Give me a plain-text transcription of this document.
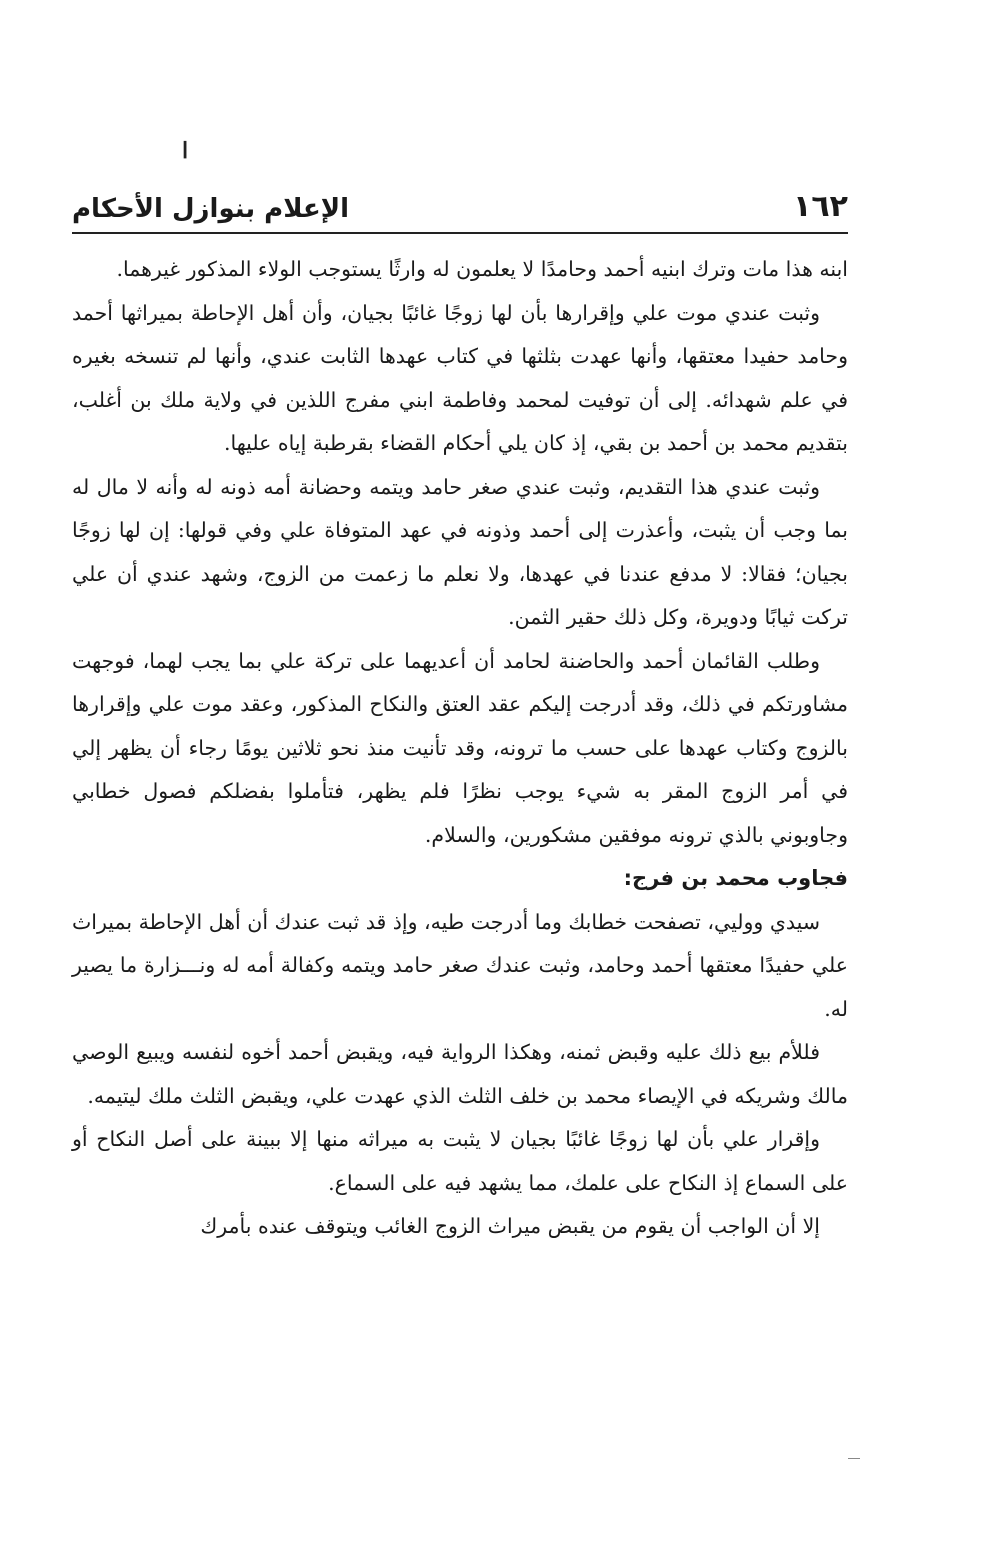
ا
١٦٢
الإعلام بنوازل الأحكام

ابنه هذا مات وترك ابنيه أحمد وحامدًا لا يعلمون له وارثًا يستوجب الولاء المذكور غيرهما.

وثبت عندي موت علي وإقرارها بأن لها زوجًا غائبًا بجيان، وأن أهل الإحاطة بميراثها أحمد وحامد حفيدا معتقها، وأنها عهدت بثلثها في كتاب عهدها الثابت عندي، وأنها لم تنسخه بغيره في علم شهدائه. إلى أن توفيت لمحمد وفاطمة ابني مفرج اللذين في ولاية ملك بن أغلب، بتقديم محمد بن أحمد بن بقي، إذ كان يلي أحكام القضاء بقرطبة إياه عليها.

وثبت عندي هذا التقديم، وثبت عندي صغر حامد ويتمه وحضانة أمه ذونه له وأنه لا مال له بما وجب أن يثبت، وأعذرت إلى أحمد وذونه في عهد المتوفاة علي وفي قولها: إن لها زوجًا بجيان؛ فقالا: لا مدفع عندنا في عهدها، ولا نعلم ما زعمت من الزوج، وشهد عندي أن علي تركت ثيابًا ودويرة، وكل ذلك حقير الثمن.

وطلب القائمان أحمد والحاضنة لحامد أن أعديهما على تركة علي بما يجب لهما، فوجهت مشاورتكم في ذلك، وقد أدرجت إليكم عقد العتق والنكاح المذكور، وعقد موت علي وإقرارها بالزوج وكتاب عهدها على حسب ما ترونه، وقد تأنيت منذ نحو ثلاثين يومًا رجاء أن يظهر إلي في أمر الزوج المقر به شيء يوجب نظرًا فلم يظهر، فتأملوا بفضلكم فصول خطابي وجاوبوني بالذي ترونه موفقين مشكورين، والسلام.

فجاوب محمد بن فرج:

سيدي ووليي، تصفحت خطابك وما أدرجت طيه، وإذ قد ثبت عندك أن أهل الإحاطة بميراث علي حفيدًا معتقها أحمد وحامد، وثبت عندك صغر حامد ويتمه وكفالة أمه له ونـــزارة ما يصير له.

فللأم بيع ذلك عليه وقبض ثمنه، وهكذا الرواية فيه، ويقبض أحمد أخوه لنفسه ويبيع الوصي مالك وشريكه في الإيصاء محمد بن خلف الثلث الذي عهدت علي، ويقبض الثلث ملك ليتيمه.

وإقرار علي بأن لها زوجًا غائبًا بجيان لا يثبت به ميراثه منها إلا ببينة على أصل النكاح أو على السماع إذ النكاح على علمك، مما يشهد فيه على السماع.

إلا أن الواجب أن يقوم من يقبض ميراث الزوج الغائب ويتوقف عنده بأمرك
